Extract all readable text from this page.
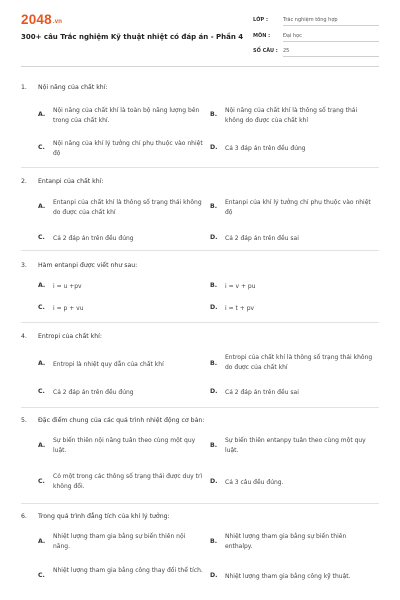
2048.vn
300+ câu Trắc nghiệm Kỹ thuật nhiệt có đáp án - Phần 4
LỚP :	Trắc nghiệm tổng hợp
MÔN :	Đại học
SỐ CÂU : 25
1. Nội năng của chất khí:
A.
Nội năng của chất khí là toàn bộ năng lượng bên trong của chất khí.
B.
Nội năng của chất khí là thông số trạng thái không do được của chất khí
C.
Nội năng của khí lý tưởng chỉ phụ thuộc vào nhiệt độ
D. Cả 3 đáp án trên đều đúng
2. Entanpi của chất khí:
A.
Entanpi của chất khí là thông số trạng thái không do được của chất khí
B.
Entanpi của khí lý tưởng chỉ phụ thuộc vào nhiệt độ
C. Cả 2 đáp án trên đều đúng	D. Cả 2 đáp án trên đều sai
3. Hàm entanpi được viết như sau:
A. i = u +pv	B. i = v + pu
C. i = p + vu	D. i = t + pv
4. Entropi của chất khí:
A. Entropi là nhiệt quy dẫn của chất khí	B.
Entropi của chất khí là thông số trạng thái không do được của chất khí
C. Cả 2 đáp án trên đều đúng	D. Cả 2 đáp án trên đều sai
5. Đặc điểm chung của các quá trình nhiệt động cơ bản:
A.
Sự biến thiên nội năng tuân theo cùng một quy luật.
B.
Sự biến thiên entanpy tuân theo cùng một quy luật.
C.
Có một trong các thông số trạng thái được duy trì không đổi.
D. Cả 3 câu đều đúng.
6. Trong quá trình đẳng tích của khí lý tưởng:
A.
Nhiệt lượng tham gia bằng sự biến thiên nội năng.
B.
Nhiệt lượng tham gia bằng sự biến thiên enthalpy.
C.
Nhiệt lượng tham gia bằng công thay đổi thể tích.
D. Nhiệt lượng tham gia bằng công kỹ thuật.
